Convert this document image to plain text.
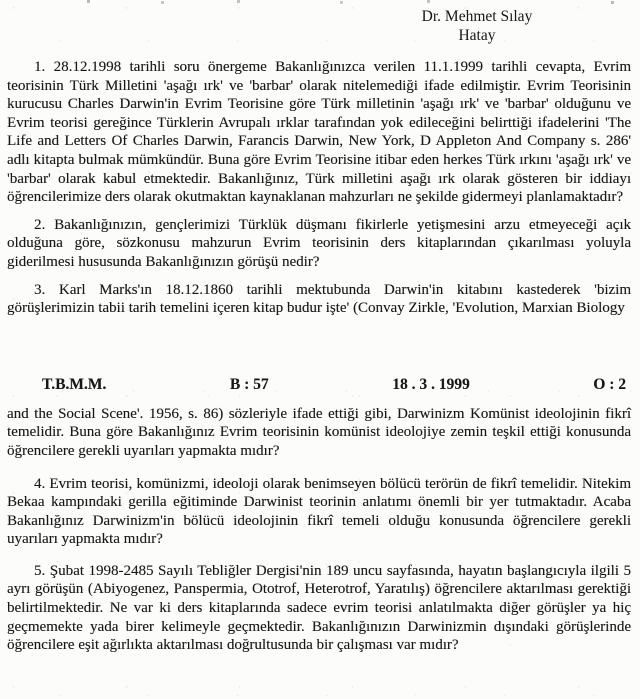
Dr. Mehmet Sılay
Hatay

1. 28.12.1998 tarihli soru önergeme Bakanlığınızca verilen 11.1.1999 tarihli cevapta, Evrim teorisinin Türk Milletini 'aşağı ırk' ve 'barbar' olarak nitelemediği ifade edilmiştir. Evrim Teorisinin kurucusu Charles Darwin'in Evrim Teorisine göre Türk milletinin 'aşağı ırk' ve 'barbar' olduğunu ve Evrim teorisi gereğince Türklerin Avrupalı ırklar tarafından yok edileceğini belirttiği ifadelerini 'The Life and Letters Of Charles Darwin, Farancis Darwin, New York, D Appleton And Company s. 286' adlı kitapta bulmak mümkündür. Buna göre Evrim Teorisine itibar eden herkes Türk ırkını 'aşağı ırk' ve 'barbar' olarak kabul etmektedir. Bakanlığınız, Türk milletini aşağı ırk olarak gösteren bir iddiayı öğrencilerimize ders olarak okutmaktan kaynaklanan mahzurları ne şekilde gidermeyi planlamaktadır?

2. Bakanlığınızın, gençlerimizi Türklük düşmanı fikirlerle yetişmesini arzu etmeyeceği açık olduğuna göre, sözkonusu mahzurun Evrim teorisinin ders kitaplarından çıkarılması yoluyla giderilmesi hususunda Bakanlığınızın görüşü nedir?

3. Karl Marks'ın 18.12.1860 tarihli mektubunda Darwin'in kitabını kastederek 'bizim görüşlerimizin tabii tarih temelini içeren kitap budur işte' (Convay Zirkle, 'Evolution, Marxian Biology

T.B.M.M.	B : 57	18 . 3 . 1999	O : 2

and the Social Scene'. 1956, s. 86) sözleriyle ifade ettiği gibi, Darwinizm Komünist ideolojinin fikrî temelidir. Buna göre Bakanlığınız Evrim teorisinin komünist ideolojiye zemin teşkil ettiği konusunda öğrencilere gerekli uyarıları yapmakta mıdır?

4. Evrim teorisi, komünizmi, ideoloji olarak benimseyen bölücü terörün de fikrî temelidir. Nitekim Bekaa kampındaki gerilla eğitiminde Darwinist teorinin anlatımı önemli bir yer tutmaktadır. Acaba Bakanlığınız Darwinizm'in bölücü ideolojinin fikrî temeli olduğu konusunda öğrencilere gerekli uyarıları yapmakta mıdır?

5. Şubat 1998-2485 Sayılı Tebliğler Dergisi'nin 189 uncu sayfasında, hayatın başlangıcıyla ilgili 5 ayrı görüşün (Abiyogenez, Panspermia, Ototrof, Heterotrof, Yaratılış) öğrencilere aktarılması gerektiği belirtilmektedir. Ne var ki ders kitaplarında sadece evrim teorisi anlatılmakta diğer görüşler ya hiç geçmemekte yada birer kelimeyle geçmektedir. Bakanlığınızın Darwinizmin dışındaki görüşlerinde öğrencilere eşit ağırlıkta aktarılması doğrultusunda bir çalışması var mıdır?
